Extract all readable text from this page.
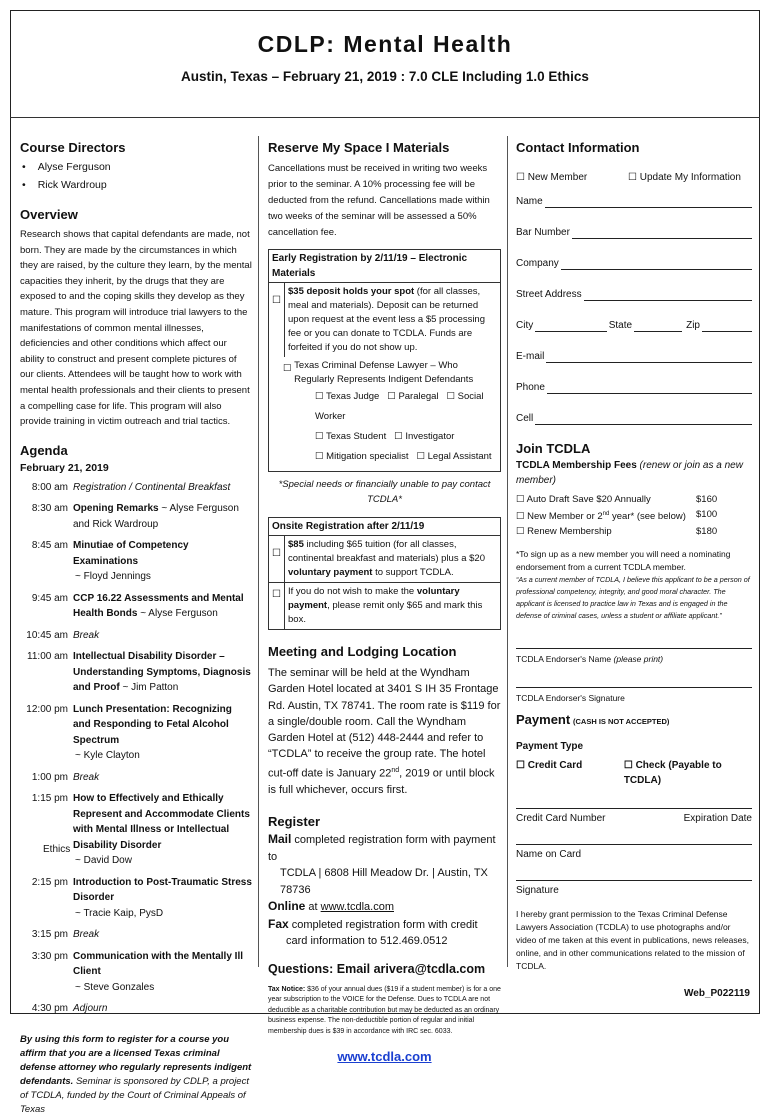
CDLP: Mental Health
Austin, Texas – February 21, 2019 : 7.0 CLE Including 1.0 Ethics
Course Directors
• Alyse Ferguson
• Rick Wardroup
Overview

Research shows that capital defendants are made, not born. They are made by the circumstances in which they are raised, by the culture they learn, by the mental capacities they inherit, by the drugs that they are exposed to and the coping skills they develop as they mature. This program will introduce trial lawyers to the manifestations of common mental illnesses, deficiencies and other conditions which affect our ability to construct and present complete pictures of our clients. Attendees will be taught how to work with mental health professionals and their clients to present a compelling case for life. This program will also provide training in victim outreach and trial tactics.

Agenda

February 21, 2019

8:00 am Registration / Continental Breakfast
8:30 am Opening Remarks ~ Alyse Ferguson and Rick Wardroup
8:45 am Minutiae of Competency Examinations
~ Floyd Jennings
9:45 am CCP 16.22 Assessments and Mental Health Bonds ~ Alyse Ferguson
10:45 am Break
11:00 am Intellectual Disability Disorder – Understanding Symptoms, Diagnosis and Proof ~ Jim Patton
12:00 pm Lunch Presentation: Recognizing and Responding to Fetal Alcohol Spectrum
~ Kyle Clayton
1:00 pm Break
1:15 pm How to Effectively and Ethically Represent and Accommodate Clients with Mental Illness or Intellectual Disability Disorder
~ David Dow
Ethics
2:15 pm Introduction to Post-Traumatic Stress Disorder
~ Tracie Kaip, PysD
3:15 pm Break
3:30 pm Communication with the Mentally Ill Client
~ Steve Gonzales
4:30 pm Adjourn

By using this form to register for a course you affirm that you are a licensed Texas criminal defense attorney who regularly represents indigent defendants. Seminar is sponsored by CDLP, a project of TCDLA, funded by the Court of Criminal Appeals of Texas

Reserve My Space I Materials

Cancellations must be received in writing two weeks prior to the seminar. A 10% processing fee will be deducted from the refund. Cancellations made within two weeks of the seminar will be assessed a 50% cancellation fee.

Early Registration by 2/11/19 – Electronic Materials
☐
$35 deposit holds your spot (for all classes, meal and materials). Deposit can be returned upon request at the event less a $5 processing fee or you can donate to TCDLA. Funds are forfeited if you do not show up.
☐ Texas Criminal Defense Lawyer – Who Regularly Represents Indigent Defendants
☐ Texas Judge ☐ Paralegal ☐ Social Worker
☐ Texas Student ☐ Investigator
☐ Mitigation specialist ☐ Legal Assistant

*Special needs or financially unable to pay contact TCDLA*

Onsite Registration after 2/11/19
☐
$85 including $65 tuition (for all classes, continental breakfast and materials) plus a $20 voluntary payment to support TCDLA.
☐ If you do not wish to make the voluntary payment, please remit only $65 and mark this box.
Meeting and Lodging Location

The seminar will be held at the Wyndham Garden Hotel located at 3401 S IH 35 Frontage Rd. Austin, TX 78741. The room rate is $119 for a single/double room. Call the Wyndham Garden Hotel at (512) 448-2444 and refer to “TCDLA” to receive the group rate. The hotel cut-off date is January 22nd, 2019 or until block is full whichever, occurs first.

Register

Mail completed registration form with payment to

TCDLA | 6808 Hill Meadow Dr. | Austin, TX 78736

Online at www.tcdla.com

Fax completed registration form with credit card information to 512.469.0512

Questions: Email arivera@tcdla.com

Tax Notice: $36 of your annual dues ($19 if a student member) is for a one year subscription to the VOICE for the Defense. Dues to TCDLA are not deductible as a charitable contribution but may be deducted as an ordinary business expense. The non-deductible portion of regular and initial membership dues is $39 in accordance with IRC sec. 6033.

www.tcdla.com
Contact Information
☐ New Member	☐ Update My Information
Name
Bar Number
Company
Street Address
City	State	Zip
E-mail
Phone
Cell
Join TCDLA

TCDLA Membership Fees (renew or join as a new member)

☐ Auto Draft Save $20 Annually	$160
☐ New Member or 2nd year* (see below)	$100
☐ Renew Membership	$180

*To sign up as a new member you will need a nominating endorsement from a current TCDLA member.

“As a current member of TCDLA, I believe this applicant to be a person of professional competency, integrity, and good moral character. The applicant is licensed to practice law in Texas and is engaged in the defense of criminal cases, unless a student or affiliate applicant.”

TCDLA Endorser's Name (please print)

TCDLA Endorser's Signature

Payment (CASH IS NOT ACCEPTED)

Payment Type

☐ Credit Card	☐ Check (Payable to TCDLA)
Credit Card Number	Expiration Date

Name on Card

Signature

I hereby grant permission to the Texas Criminal Defense Lawyers Association (TCDLA) to use photographs and/or video of me taken at this event in publications, news releases, online, and in other communications related to the mission of TCDLA.

Web_P022119
